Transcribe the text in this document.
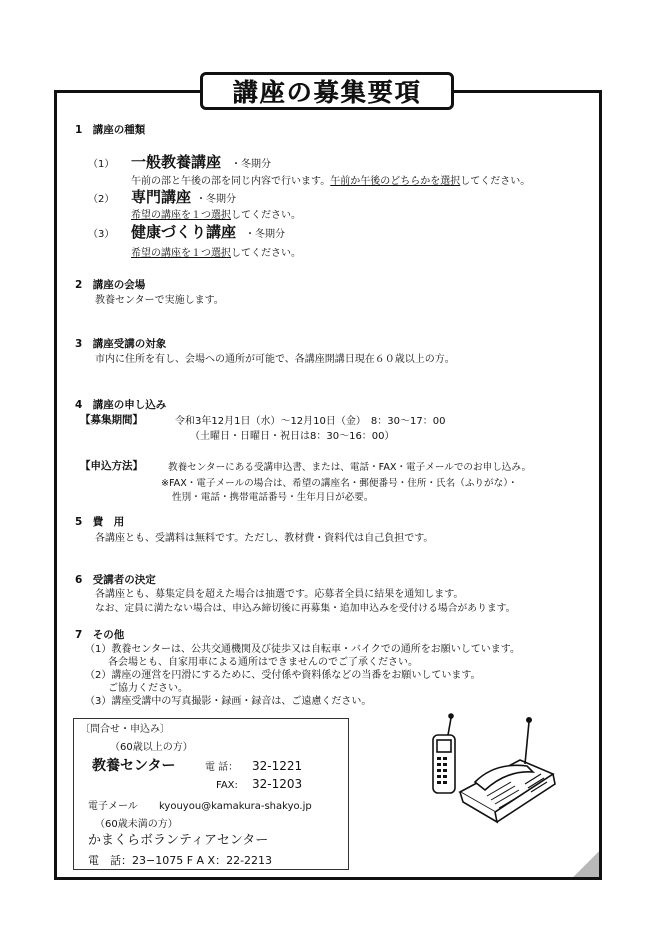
講座の募集要項
1　講座の種類
（1） 一般教養講座 ・冬期分
午前の部と午後の部を同じ内容で行います。午前か午後のどちらかを選択してください。
（2） 専門講座 ・冬期分
希望の講座を１つ選択してください。
（3） 健康づくり講座 ・冬期分
希望の講座を１つ選択してください。
2　講座の会場
教養センターで実施します。
3　講座受講の対象
市内に住所を有し、会場への通所が可能で、各講座開講日現在６０歳以上の方。
4　講座の申し込み
【募集期間】	令和3年12月1日（水）～12月10日（金）　8：30～17：00
（土曜日・日曜日・祝日は8：30～16：00）
【申込方法】	教養センターにある受講申込書、または、電話・FAX・電子メールでのお申し込み。
※FAX・電子メールの場合は、希望の講座名・郵便番号・住所・氏名（ふりがな）・
性別・電話・携帯電話番号・生年月日が必要。
5　費　用
各講座とも、受講料は無料です。ただし、教材費・資料代は自己負担です。
6　受講者の決定
各講座とも、募集定員を超えた場合は抽選です。応募者全員に結果を通知します。
なお、定員に満たない場合は、申込み締切後に再募集・追加申込みを受付ける場合があります。
7　その他
（1）教養センターは、公共交通機関及び徒歩又は自転車・バイクでの通所をお願いしています。
各会場とも、自家用車による通所はできませんのでご了承ください。
（2）講座の運営を円滑にするために、受付係や資料係などの当番をお願いしています。
ご協力ください。
（3）講座受講中の写真撮影・録画・録音は、ご遠慮ください。
〔問合せ・申込み〕
（60歳以上の方）
教養センター	電 話： 32-1221
FAX: 32-1203
電子メール kyouyou@kamakura-shakyo.jp
（60歳未満の方）
かまくらボランティアセンター
電　話：23−1075 F A X：22-2213
